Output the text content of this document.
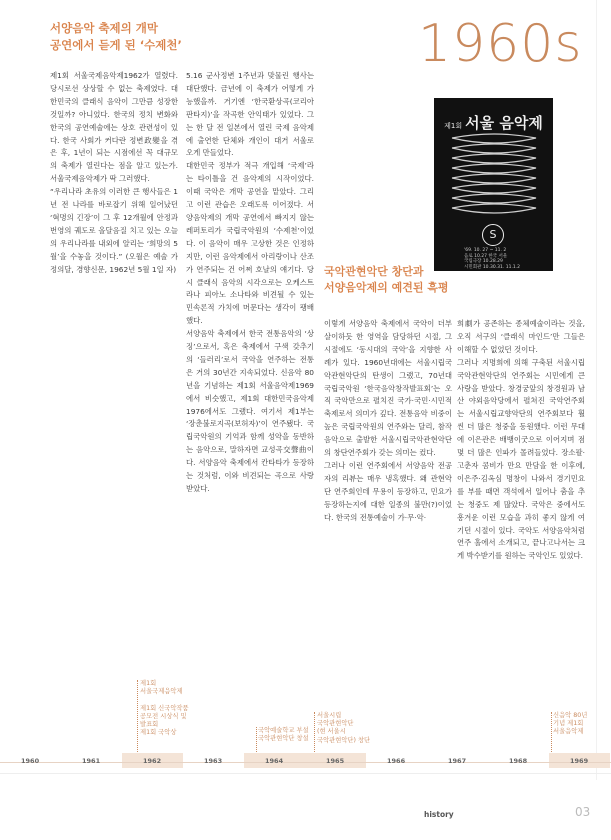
서양음악 축제의 개막
공연에서 듣게 된 ‘수제천’	1960s

제1회 서울국제음악제1962가 열렸다. 당시로선 상상할 수 없는 축제였다. 대한민국의 클래식 음악이 그만큼 성장한 것일까? 아니었다. 한국의 정치 변화와 한국의 공연예술에는 상호 관련성이 있다. 한국 사회가 커다란 정변政變을 겪은 후, 1년이 되는 시점에선 꼭 대규모의 축제가 열린다는 점을 알고 있는가. 서울국제음악제가 딱 그러했다.
“우리나라 초유의 이러한 큰 행사들은 1년 전 나라를 바로잡기 위해 일어났던 ‘혁명의 긴장’이 그 후 12개월에 안정과 번영의 궤도로 올달음질 치고 있는 오늘의 우리나라를 내외에 알리는 ‘희망의 5월’을 수놓을 것이다.” (오월은 예술 가정의달, 경향신문, 1962년 5월 1일 자)

5.16 군사정변 1주년과 맞물린 행사는 대단했다. 금년에 이 축제가 어떻게 가능했을까. 거기엔 ‘한국환상곡(코리아 판타지)’을 작곡한 안익태가 있었다. 그는 한 달 전 일본에서 열린 국제 음악제에 출연한 단체와 개인이 대거 서울로 오게 만들었다.
대한민국 정부가 적극 개입해 ‘국제’라는 타이틀을 건 음악제의 시작이었다. 이때 국악은 개막 공연을 맡았다. 그리고 이런 관습은 오래도록 이어졌다. 서양음악제의 개막 공연에서 빠지지 않는 레퍼토리가 국립국악원의 ‘수제천’이었다. 이 음악이 매우 고상한 것은 인정하지만, 이런 음악제에서 아리랑이나 산조가 연주되는 건 어쩌 호날의 얘기다. 당시 클래식 음악의 시각으로는 오케스트라나 피아노 소나타와 비견될 수 있는 민속론적 가치에 머문다는 생각이 팽배했다.
서양음악 축제에서 한국 전통음악의 ‘상징’으로서, 혹은 축제에서 구색 갖추기의 ‘들러리’로서 국악을 연주하는 전통은 거의 30년간 지속되었다. 신음악 80년을 기념하는 제1회 서울음악제1969에서 비슷했고, 제1회 대한민국음악제1976에서도 그랬다. 여기서 제1부는 ‘장춘불로지곡(보허자)’이 연주됐다. 국립국악원의 기억과 함께 성악을 동반하는 음악으로, 말하자면 교성곡交聲曲이다. 서양음악 축제에서 칸타타가 등장하는 것처럼, 이와 비견되는 곡으로 사랑받았다.

제1회 서울 음악제
S
'69. 10. 27 ~ 11. 2
음로 10.27 한국 서울
국립극장 10.28.29
시민회관 10.30.31. 11.1.2
국악관현악단 창단과
서양음악제의 예견된 흑평

이렇게 서양음악 축제에서 국악이 더부살이하듯 한 영역을 담당하던 시절, 그 시절에도 ‘동시대의 국악’을 지향한 사례가 있다. 1960년대에는 서울시립국악관현악단의 탄생이 그랬고, 70년대 국립국악원 ‘한국음악창작발표회’는 오직 국악만으로 펼치진 국가·국민·시민적 축제로서 의미가 깊다. 전통음악 비중이 높은 국립국악원의 연주와는 달리, 참작음악으로 출발한 서울시립국악관현악단의 창단연주회가 갖는 의미는 컸다.
그러나 이런 연주회에서 서양음악 전공자의 리뷰는 매우 냉혹했다. 왜 관현악단 연주회인데 무용이 등장하고, 민요가 등장하는지에 대한 일종의 불만(?)이었다. 한국의 전통예술이 가·무·악·

희劇가 공존하는 종체예술이라는 것을, 오직 서구의 ‘클래식 마인드’만 그들은 이해할 수 없었던 것이다.
그러나 지명희에 의해 구축된 서울시립국악관현악단의 연주회는 시민에게 큰 사랑을 받았다. 창경궁앞의 창경원과 남산 야외음악당에서 펼쳐진 국악연주회는 서울시립교향악단의 연주회보다 훨씬 더 많은 청중을 동원했다. 이런 무대에 이은관은 배뱅이굿으로 이어지며 점 몇 더 많은 인파가 몰려들었다. 장소팔·고춘자 콤비가 만요 만담을 한 이후에, 이은주·김옥심 명창이 나와서 경기민요를 부를 때면 객석에서 일어나 춤을 추는 청중도 제 많았다. 국악은 중에서도 흥겨운 이런 모습을 과히 좋지 않게 여기던 시절이 있다. 국악도 서양음악처럼 연주 홀에서 소개되고, 끝나고나서는 크게 박수받기를 원하는 국악인도 있었다.

1960	1961	1962	1963	1964	1965	1966	1967	1968	1969
제1회
서울국제음악제

제1회 신국악작품
공모전 시상식 및
발표회
제1회 국악상	국악예술학교 부설
국악관현악단 창설
서울시립
국악관현악단
(현 서울시
국악관현악단) 창단
신음악 80년
기념 제1회
서울음악제
history	03
